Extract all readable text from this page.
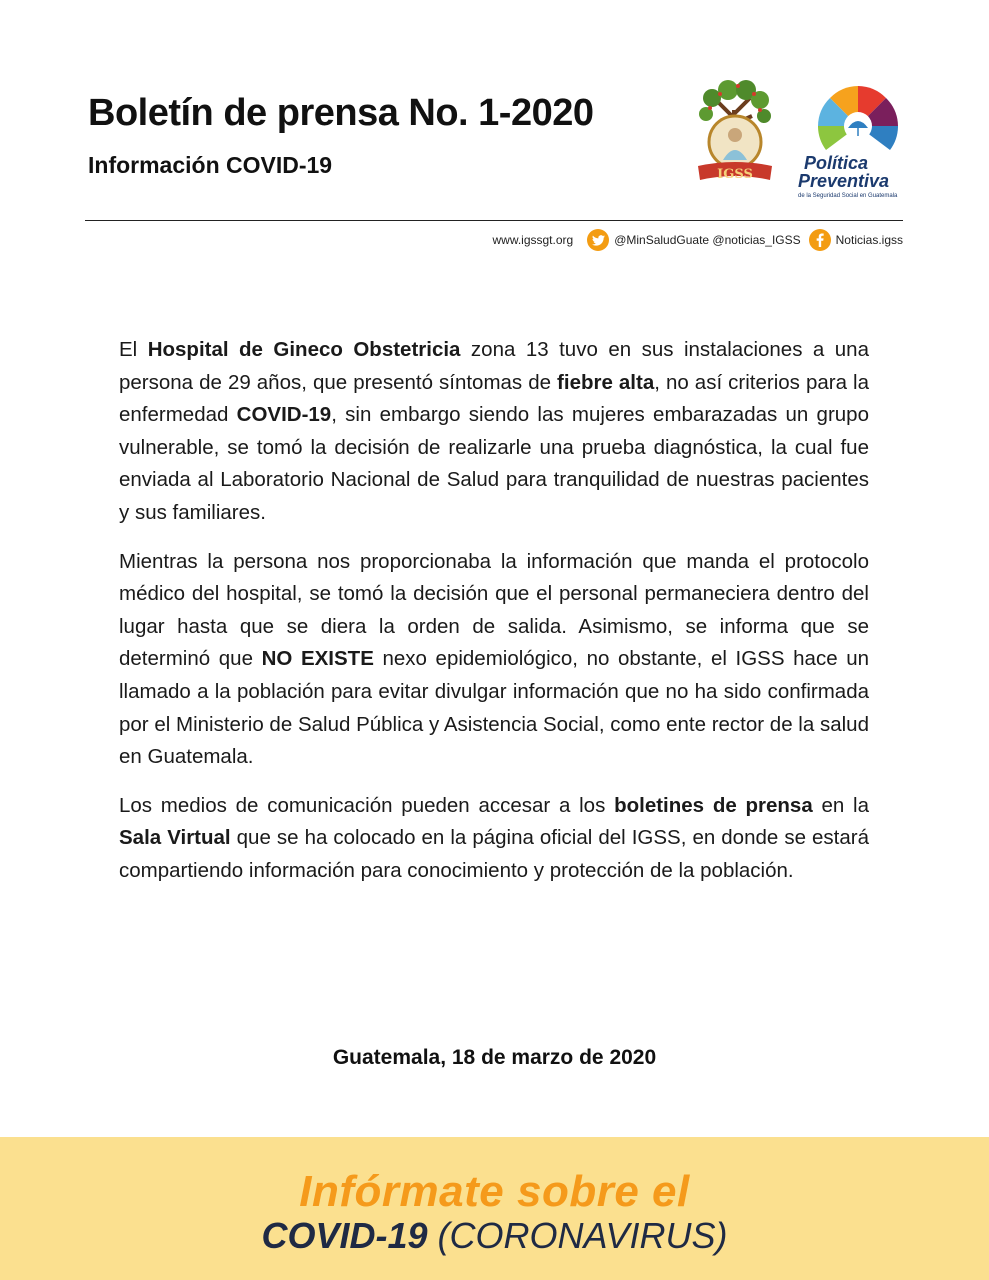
Boletín de prensa No. 1-2020
Información COVID-19	IGSS
Política
Preventiva
de la Seguridad Social en Guatemala
www.igssgt.org	@MinSaludGuate @noticias_IGSS	Noticias.igss

El Hospital de Gineco Obstetricia zona 13 tuvo en sus instalaciones a una persona de 29 años, que presentó síntomas de fiebre alta, no así criterios para la enfermedad COVID-19, sin embargo siendo las mujeres embarazadas un grupo vulnerable, se tomó la decisión de realizarle una prueba diagnóstica, la cual fue enviada al Laboratorio Nacional de Salud para tranquilidad de nuestras pacientes y sus familiares.

Mientras la persona nos proporcionaba la información que manda el protocolo médico del hospital, se tomó la decisión que el personal permaneciera dentro del lugar hasta que se diera la orden de salida. Asimismo, se informa que se determinó que NO EXISTE nexo epidemiológico, no obstante, el IGSS hace un llamado a la población para evitar divulgar información que no ha sido confirmada por el Ministerio de Salud Pública y Asistencia Social, como ente rector de la salud en Guatemala.

Los medios de comunicación pueden accesar a los boletines de prensa en la Sala Virtual que se ha colocado en la página oficial del IGSS, en donde se estará compartiendo información para conocimiento y protección de la población.

Guatemala, 18 de marzo de 2020
Infórmate sobre el
COVID-19 (CORONAVIRUS)
